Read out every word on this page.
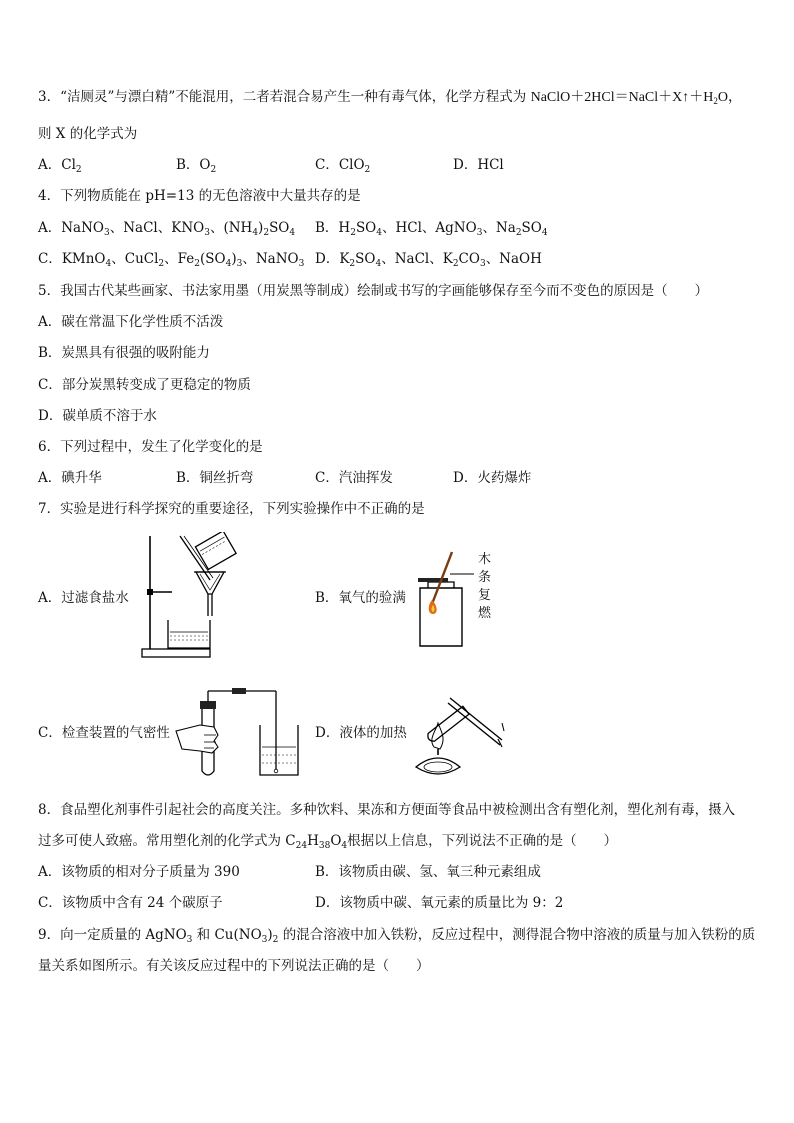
3．“洁厕灵”与漂白精”不能混用，二者若混合易产生一种有毒气体，化学方程式为 $NaClO+2HCl=NaCl+X↑+H_2O$，
则 X 的化学式为
A．$Cl_2$	B．$O_2$	C．ClO$_2$	D．HCl
4．下列物质能在 pH=13 的无色溶液中大量共存的是
A．NaNO$_3$、NaCl、$KNO_3$、$(NH_4)_2SO_4$ B．$H_2SO_4$、HCl、AgNO$_3$、$Na_2SO_4$
C．KMnO$_4$、CuCl$_2$、$Fe_2(SO_4)_3$、NaNO$_3$ D．$K_2SO_4$、NaCl、$K_2CO_3$、NaOH
5．我国古代某些画家、书法家用墨（用炭黑等制成）绘制或书写的字画能够保存至今而不变色的原因是（　　）
A．碳在常温下化学性质不活泼
B．炭黑具有很强的吸附能力
C．部分炭黑转变成了更稳定的物质
D．碳单质不溶于水
6．下列过程中，发生了化学变化的是
A．碘升华	B．铜丝折弯	C．汽油挥发	D．火药爆炸
7．实验是进行科学探究的重要途径，下列实验操作中不正确的是
A．过滤食盐水	B．氧气的验满
木
条
复
燃
C．检查装置的气密性	D．液体的加热
8．食品塑化剂事件引起社会的高度关注。多种饮料、果冻和方便面等食品中被检测出含有塑化剂，塑化剂有毒，摄入
过多可使人致癌。常用塑化剂的化学式为 $C_{24}H_{38}O_4$根据以上信息，下列说法不正确的是（　　）
A．该物质的相对分子质量为 390	B．该物质由碳、氢、氧三种元素组成
C．该物质中含有 24 个碳原子	D．该物质中碳、氧元素的质量比为 9：2
9．向一定质量的 AgNO$_3$ 和 $Cu(NO_3)_2$ 的混合溶液中加入铁粉，反应过程中，测得混合物中溶液的质量与加入铁粉的质
量关系如图所示。有关该反应过程中的下列说法正确的是（　　）
